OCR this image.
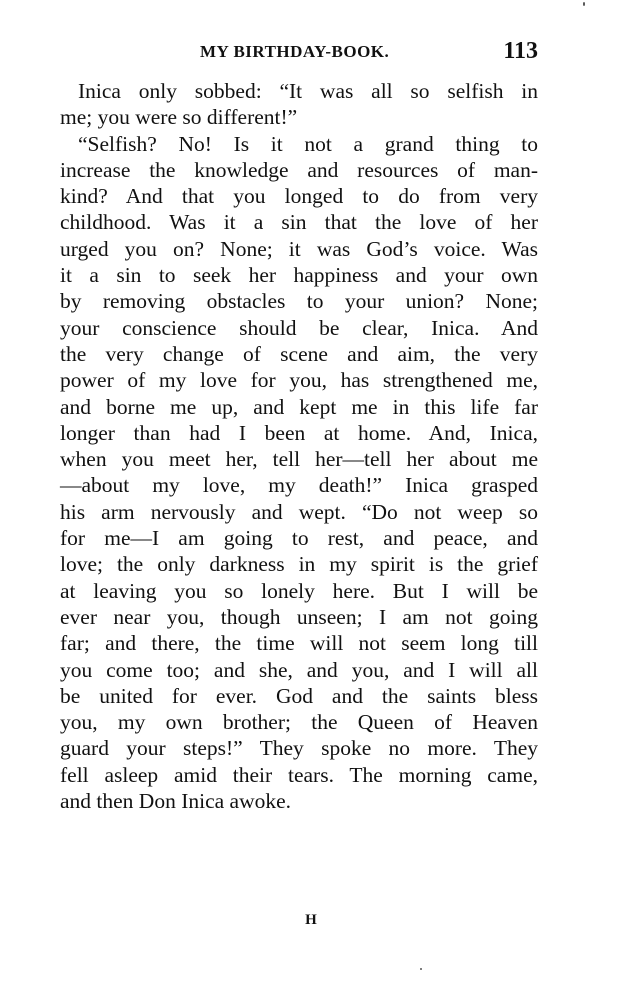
MY BIRTHDAY-BOOK.	113
Inica only sobbed: “It was all so selfish in
me; you were so different!”
“Selfish? No! Is it not a grand thing to
increase the knowledge and resources of man-
kind? And that you longed to do from very
childhood. Was it a sin that the love of her
urged you on? None; it was God’s voice. Was
it a sin to seek her happiness and your own
by removing obstacles to your union? None;
your conscience should be clear, Inica. And
the very change of scene and aim, the very
power of my love for you, has strengthened me,
and borne me up, and kept me in this life far
longer than had I been at home. And, Inica,
when you meet her, tell her—tell her about me
—about my love, my death!” Inica grasped
his arm nervously and wept. “Do not weep so
for me—I am going to rest, and peace, and
love; the only darkness in my spirit is the grief
at leaving you so lonely here. But I will be
ever near you, though unseen; I am not going
far; and there, the time will not seem long till
you come too; and she, and you, and I will all
be united for ever. God and the saints bless
you, my own brother; the Queen of Heaven
guard your steps!” They spoke no more. They
fell asleep amid their tears. The morning came,
and then Don Inica awoke.
H
